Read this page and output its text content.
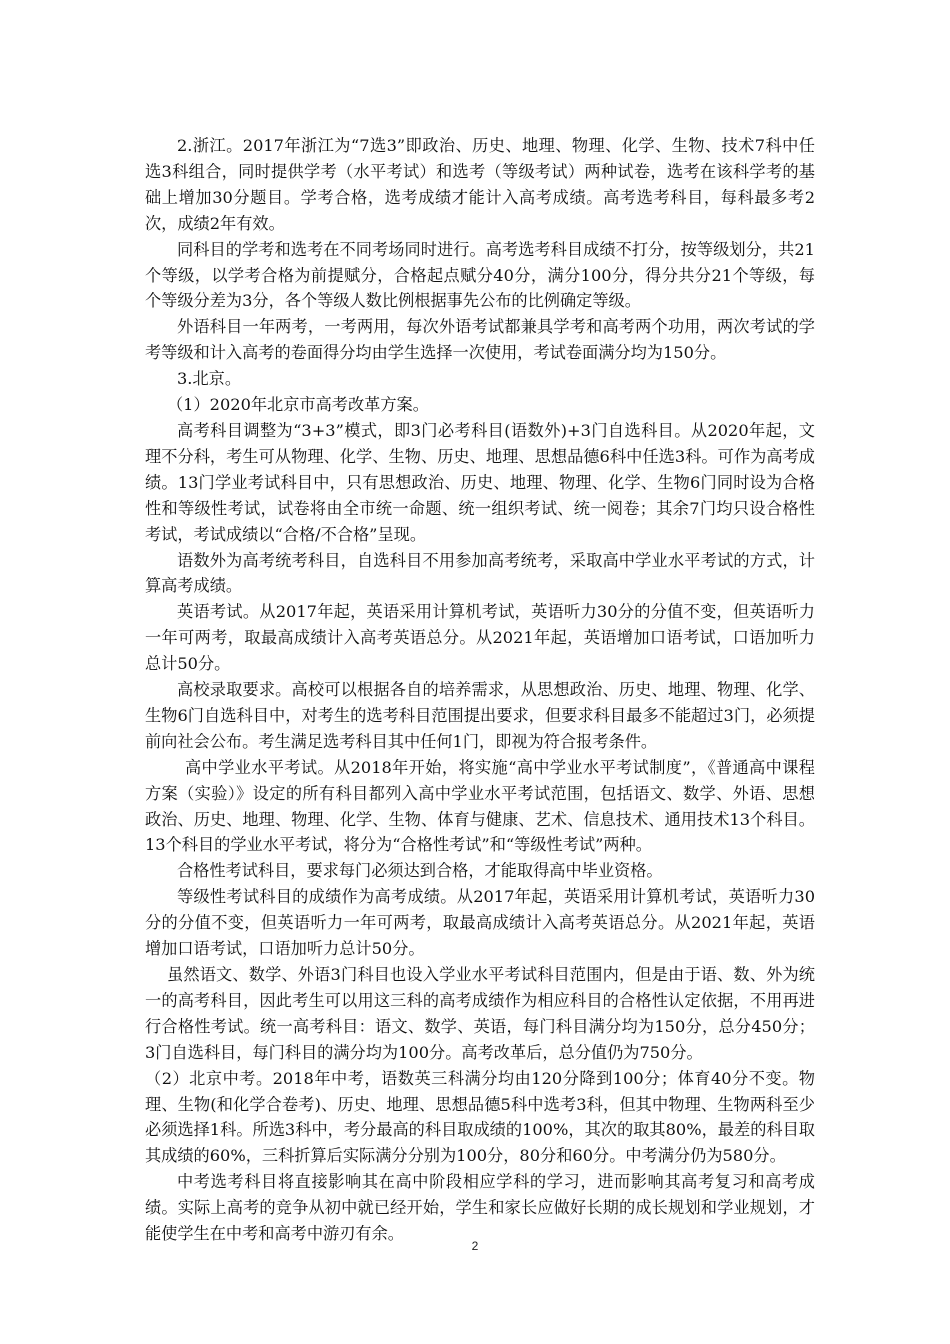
2.浙江。2017年浙江为“7选3”即政治、历史、地理、物理、化学、生物、技术7科中任选3科组合，同时提供学考（水平考试）和选考（等级考试）两种试卷，选考在该科学考的基础上增加30分题目。学考合格，选考成绩才能计入高考成绩。高考选考科目，每科最多考2次，成绩2年有效。

同科目的学考和选考在不同考场同时进行。高考选考科目成绩不打分，按等级划分，共21个等级，以学考合格为前提赋分，合格起点赋分40分，满分100分，得分共分21个等级，每个等级分差为3分，各个等级人数比例根据事先公布的比例确定等级。

外语科目一年两考，一考两用，每次外语考试都兼具学考和高考两个功用，两次考试的学考等级和计入高考的卷面得分均由学生选择一次使用，考试卷面满分均为150分。

3.北京。

（1）2020年北京市高考改革方案。

高考科目调整为“3+3”模式，即3门必考科目(语数外)+3门自选科目。从2020年起，文理不分科，考生可从物理、化学、生物、历史、地理、思想品德6科中任选3科。可作为高考成绩。13门学业考试科目中，只有思想政治、历史、地理、物理、化学、生物6门同时设为合格性和等级性考试，试卷将由全市统一命题、统一组织考试、统一阅卷；其余7门均只设合格性考试，考试成绩以“合格/不合格”呈现。

语数外为高考统考科目，自选科目不用参加高考统考，采取高中学业水平考试的方式，计算高考成绩。

英语考试。从2017年起，英语采用计算机考试，英语听力30分的分值不变，但英语听力一年可两考，取最高成绩计入高考英语总分。从2021年起，英语增加口语考试，口语加听力总计50分。

高校录取要求。高校可以根据各自的培养需求，从思想政治、历史、地理、物理、化学、生物6门自选科目中，对考生的选考科目范围提出要求，但要求科目最多不能超过3门，必须提前向社会公布。考生满足选考科目其中任何1门，即视为符合报考条件。

高中学业水平考试。从2018年开始，将实施“高中学业水平考试制度”，《普通高中课程方案（实验）》设定的所有科目都列入高中学业水平考试范围，包括语文、数学、外语、思想政治、历史、地理、物理、化学、生物、体育与健康、艺术、信息技术、通用技术13个科目。13个科目的学业水平考试，将分为“合格性考试”和“等级性考试”两种。

合格性考试科目，要求每门必须达到合格，才能取得高中毕业资格。

等级性考试科目的成绩作为高考成绩。从2017年起，英语采用计算机考试，英语听力30分的分值不变，但英语听力一年可两考，取最高成绩计入高考英语总分。从2021年起，英语增加口语考试，口语加听力总计50分。

虽然语文、数学、外语3门科目也设入学业水平考试科目范围内，但是由于语、数、外为统一的高考科目，因此考生可以用这三科的高考成绩作为相应科目的合格性认定依据，不用再进行合格性考试。统一高考科目：语文、数学、英语，每门科目满分均为150分，总分450分；3门自选科目，每门科目的满分均为100分。高考改革后，总分值仍为750分。

（2）北京中考。2018年中考，语数英三科满分均由120分降到100分；体育40分不变。物理、生物(和化学合卷考)、历史、地理、思想品德5科中选考3科，但其中物理、生物两科至少必须选择1科。所选3科中，考分最高的科目取成绩的100%，其次的取其80%，最差的科目取其成绩的60%，三科折算后实际满分分别为100分，80分和60分。中考满分仍为580分。

中考选考科目将直接影响其在高中阶段相应学科的学习，进而影响其高考复习和高考成绩。实际上高考的竞争从初中就已经开始，学生和家长应做好长期的成长规划和学业规划，才能使学生在中考和高考中游刃有余。

2
